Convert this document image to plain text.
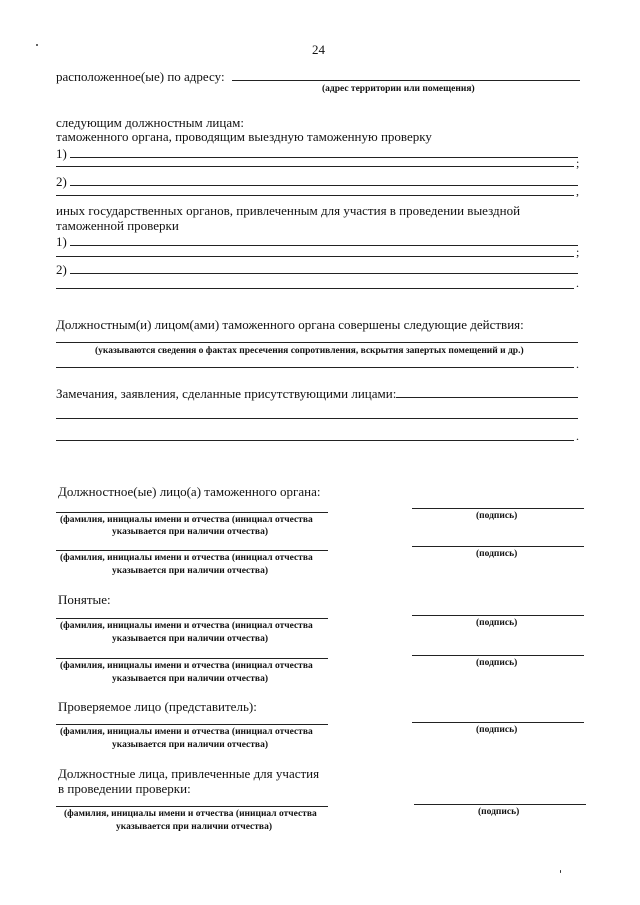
24
расположенное(ые) по адресу:
(адрес территории или помещения)
следующим должностным лицам:
таможенного органа, проводящим выездную таможенную проверку
1)
;
2)
,
иных государственных органов, привлеченным для участия в проведении выездной
таможенной проверки
1)
;
2)
.
Должностным(и) лицом(ами) таможенного органа совершены следующие действия:
(указываются сведения о фактах пресечения сопротивления, вскрытия запертых помещений и др.)
.
Замечания, заявления, сделанные присутствующими лицами:
.
Должностное(ые) лицо(а) таможенного органа:
(фамилия, инициалы имени и отчества (инициал отчества
указывается при наличии отчества)
(подпись)
(фамилия, инициалы имени и отчества (инициал отчества
указывается при наличии отчества)
(подпись)
Понятые:
(фамилия, инициалы имени и отчества (инициал отчества
указывается при наличии отчества)
(подпись)
(фамилия, инициалы имени и отчества (инициал отчества
указывается при наличии отчества)
(подпись)
Проверяемое лицо (представитель):
(фамилия, инициалы имени и отчества (инициал отчества
указывается при наличии отчества)
(подпись)
Должностные лица, привлеченные для участия
в проведении проверки:
(фамилия, инициалы имени и отчества (инициал отчества
указывается при наличии отчества)
(подпись)
